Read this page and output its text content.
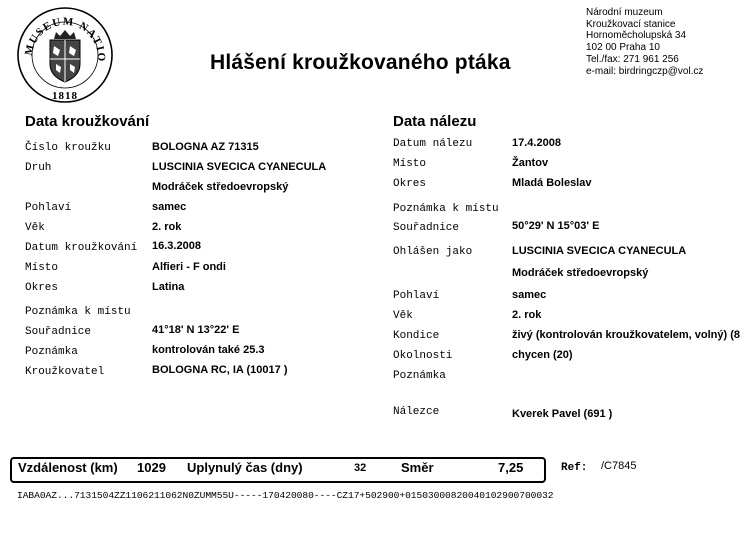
MUSEUM NATIO
1818
Hlášení kroužkovaného ptáka
Národní muzeum
Kroužkovací stanice
Hornoměcholupská 34
102 00 Praha 10
Tel./fax: 271 961 256
e-mail: birdringczp@vol.cz
Data kroužkování
Číslo kroužku	BOLOGNA AZ 71315
Druh	LUSCINIA SVECICA CYANECULA
Modráček středoevropský
Pohlaví	samec
Věk	2. rok
Datum kroužkování 16.3.2008
Místo	Alfieri - F ondi
Okres	Latina
Poznámka k místu
Souřadnice	41°18' N 13°22' E
Poznámka	kontrolován také 25.3
Kroužkovatel	BOLOGNA RC, IA (10017 )
Data nálezu
Datum nálezu	17.4.2008
Místo	Žantov
Okres	Mladá Boleslav
Poznámka k místu
Souřadnice	50°29' N 15°03' E
Ohlášen jako	LUSCINIA SVECICA CYANECULA
Modráček středoevropský
Pohlaví	samec
Věk	2. rok
Kondice	živý (kontrolován kroužkovatelem, volný) (8
Okolnosti	chycen (20)
Poznámka
Nálezce	Kverek Pavel (691 )
Vzdálenost (km) 1029 Uplynulý čas (dny)	32	Směr	7,25	Ref: /C7845
IABA0AZ...7131504ZZ1106211062N0ZUMM55U-----170420080----CZ17+502900+01503000820040102900700032
